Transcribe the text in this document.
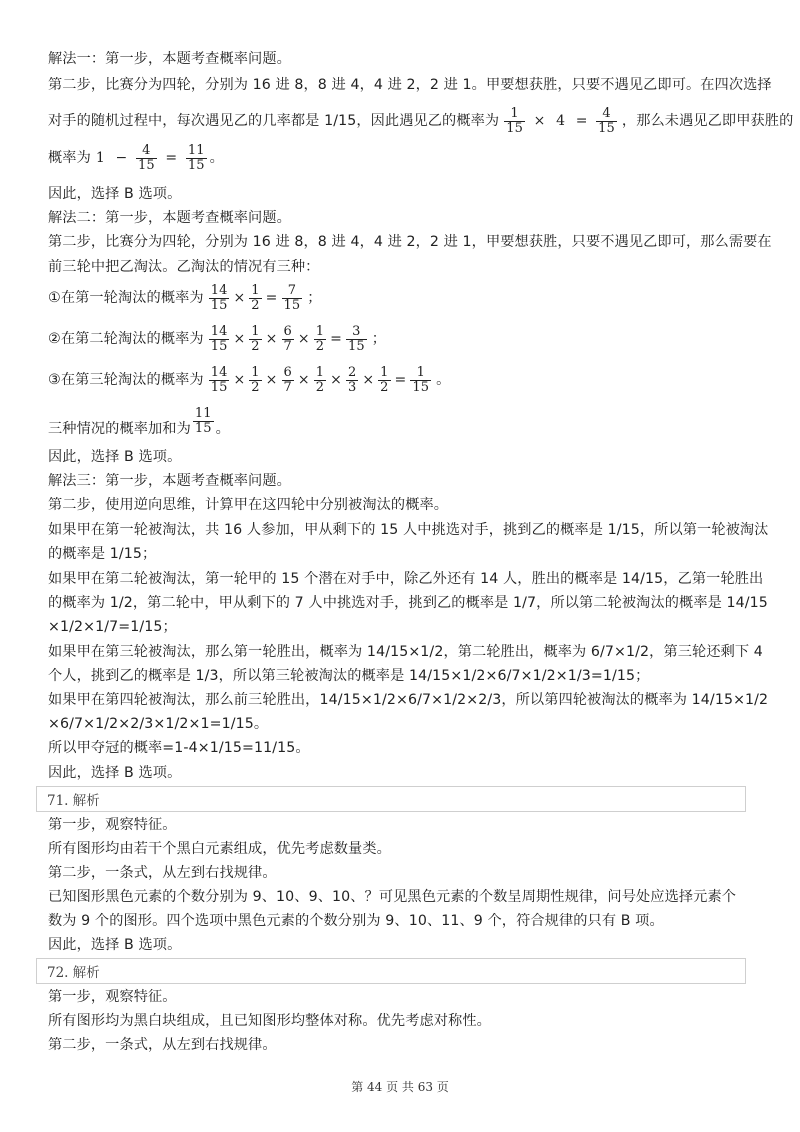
解法一：第一步，本题考查概率问题。
第二步，比赛分为四轮，分别为 16 进 8，8 进 4，4 进 2，2 进 1。甲要想获胜，只要不遇见乙即可。在四次选择
对手的随机过程中，每次遇见乙的几率都是 1/15，因此遇见乙的概率为 $\frac{1}{15} \times 4 = \frac{4}{15}$ ，那么未遇见乙即甲获胜的
概率为 $1 - \frac{4}{15} = \frac{11}{15}$ 。
因此，选择 B 选项。
解法二：第一步，本题考查概率问题。
第二步，比赛分为四轮，分别为 16 进 8，8 进 4，4 进 2，2 进 1，甲要想获胜，只要不遇见乙即可，那么需要在
前三轮中把乙淘汰。乙淘汰的情况有三种：
①在第一轮淘汰的概率为 $\frac{14}{15} \times \frac{1}{2} = \frac{7}{15}$ ；
②在第二轮淘汰的概率为 $\frac{14}{15} \times \frac{1}{2} \times \frac{6}{7} \times \frac{1}{2} = \frac{3}{15}$ ；
③在第三轮淘汰的概率为 $\frac{14}{15} \times \frac{1}{2} \times \frac{6}{7} \times \frac{1}{2} \times \frac{2}{3} \times \frac{1}{2} = \frac{1}{15}$ 。
三种情况的概率加和为 $\frac{11}{15}$ 。
因此，选择 B 选项。
解法三：第一步，本题考查概率问题。
第二步，使用逆向思维，计算甲在这四轮中分别被淘汰的概率。
如果甲在第一轮被淘汰，共 16 人参加，甲从剩下的 15 人中挑选对手，挑到乙的概率是 1/15，所以第一轮被淘汰
的概率是 1/15；
如果甲在第二轮被淘汰，第一轮甲的 15 个潜在对手中，除乙外还有 14 人，胜出的概率是 14/15，乙第一轮胜出
的概率为 1/2，第二轮中，甲从剩下的 7 人中挑选对手，挑到乙的概率是 1/7，所以第二轮被淘汰的概率是 14/15
×1/2×1/7=1/15；
如果甲在第三轮被淘汰，那么第一轮胜出，概率为 14/15×1/2，第二轮胜出，概率为 6/7×1/2，第三轮还剩下 4
个人，挑到乙的概率是 1/3，所以第三轮被淘汰的概率是 14/15×1/2×6/7×1/2×1/3=1/15；
如果甲在第四轮被淘汰，那么前三轮胜出，14/15×1/2×6/7×1/2×2/3，所以第四轮被淘汰的概率为 14/15×1/2
×6/7×1/2×2/3×1/2×1=1/15。
所以甲夺冠的概率=1-4×1/15=11/15。
因此，选择 B 选项。
71. 解析
第一步，观察特征。
所有图形均由若干个黑白元素组成，优先考虑数量类。
第二步，一条式，从左到右找规律。
已知图形黑色元素的个数分别为 9、10、9、10、？可见黑色元素的个数呈周期性规律，问号处应选择元素个
数为 9 个的图形。四个选项中黑色元素的个数分别为 9、10、11、9 个，符合规律的只有 B 项。
因此，选择 B 选项。
72. 解析
第一步，观察特征。
所有图形均为黑白块组成，且已知图形均整体对称。优先考虑对称性。
第二步，一条式，从左到右找规律。
第 44 页 共 63 页
